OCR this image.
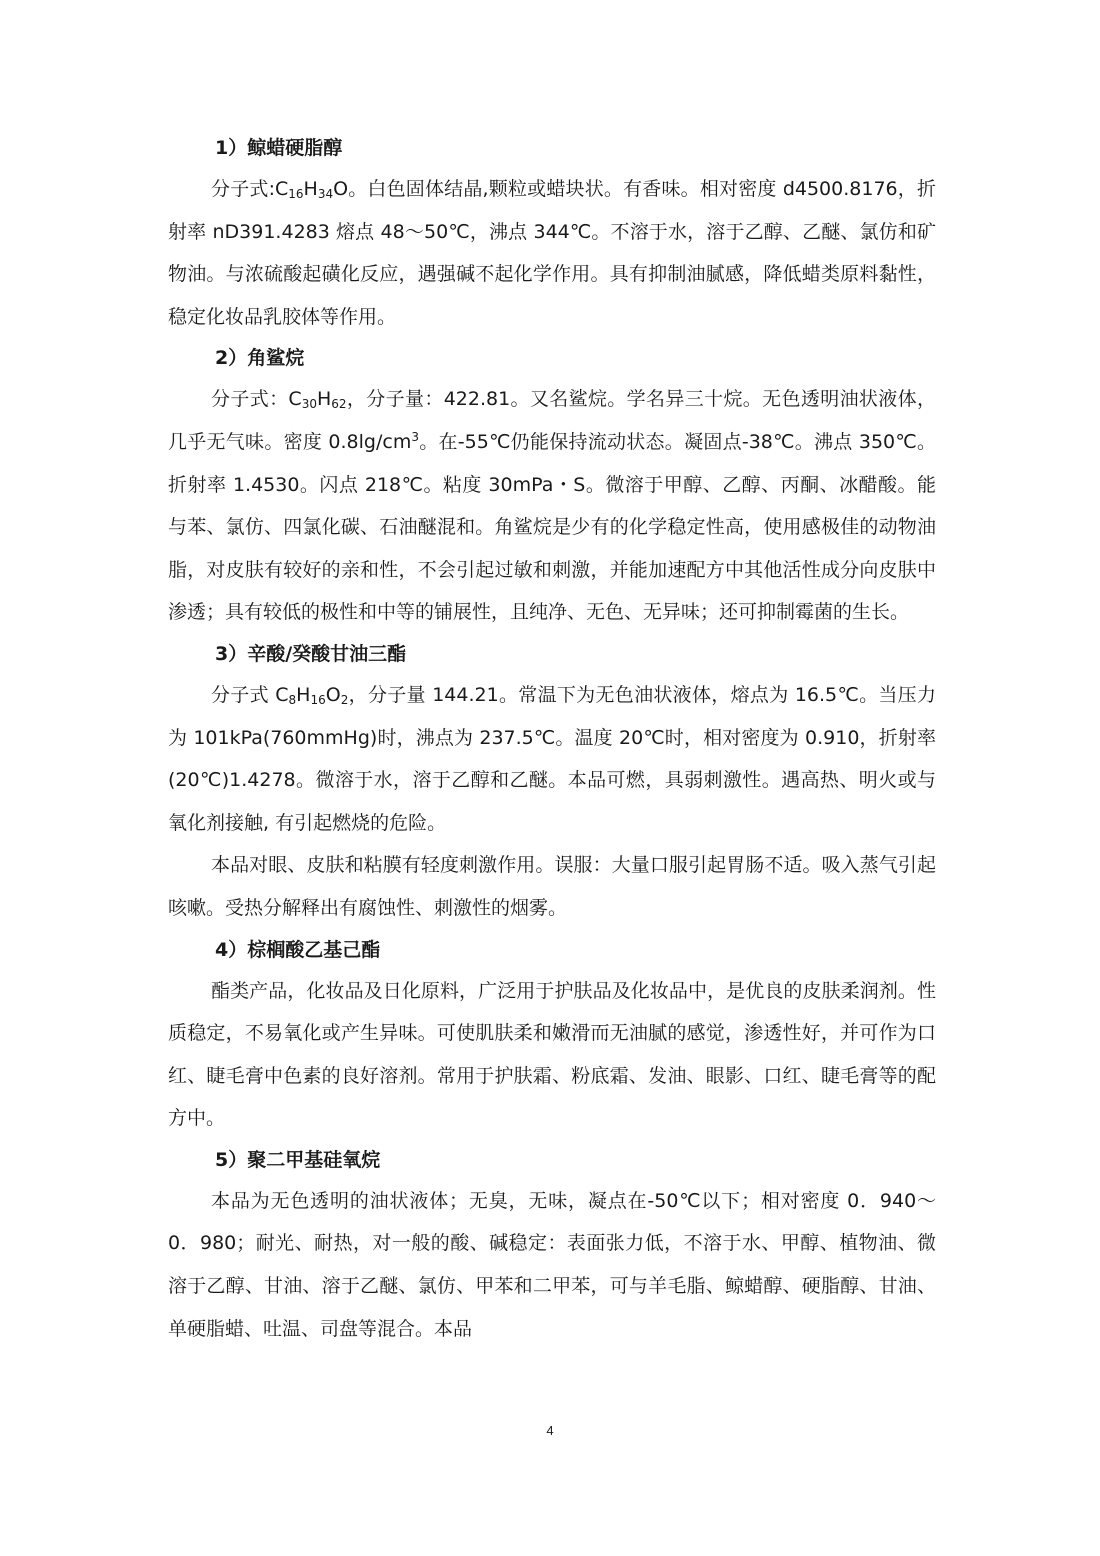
1）鲸蜡硬脂醇

分子式$:C_{16}H_{34}O$。白色固体结晶,颗粒或蜡块状。有香味。相对密度 d4500.8176，折射率 nD391.4283 熔点 48～50℃，沸点 344℃。不溶于水，溶于乙醇、乙醚、氯仿和矿物油。与浓硫酸起磺化反应，遇强碱不起化学作用。具有抑制油腻感，降低蜡类原料黏性，稳定化妆品乳胶体等作用。

2）角鲨烷

分子式：$C_{30}H_{62}$，分子量：422.81。又名鲨烷。学名异三十烷。无色透明油状液体，几乎无气味。密度 $0.8\lg/cm^3$。在-55℃仍能保持流动状态。凝固点-38℃。沸点 350℃。折射率 1.4530。闪点 218℃。粘度 30mPa・S。微溶于甲醇、乙醇、丙酮、冰醋酸。能与苯、氯仿、四氯化碳、石油醚混和。角鲨烷是少有的化学稳定性高，使用感极佳的动物油脂，对皮肤有较好的亲和性，不会引起过敏和刺激，并能加速配方中其他活性成分向皮肤中渗透；具有较低的极性和中等的铺展性，且纯净、无色、无异味；还可抑制霉菌的生长。

3）辛酸/癸酸甘油三酯

分子式 $C_8H_{16}O_2$，分子量 144.21。常温下为无色油状液体，熔点为 16.5℃。当压力为 101kPa(760mmHg)时，沸点为 237.5℃。温度 20℃时，相对密度为 0.910，折射率(20℃)1.4278。微溶于水，溶于乙醇和乙醚。本品可燃，具弱刺激性。遇高热、明火或与氧化剂接触, 有引起燃烧的危险。

本品对眼、皮肤和粘膜有轻度刺激作用。误服：大量口服引起胃肠不适。吸入蒸气引起咳嗽。受热分解释出有腐蚀性、刺激性的烟雾。

4）棕榈酸乙基己酯

酯类产品，化妆品及日化原料，广泛用于护肤品及化妆品中，是优良的皮肤柔润剂。性质稳定，不易氧化或产生异味。可使肌肤柔和嫩滑而无油腻的感觉，渗透性好，并可作为口红、睫毛膏中色素的良好溶剂。常用于护肤霜、粉底霜、发油、眼影、口红、睫毛膏等的配方中。

5）聚二甲基硅氧烷

本品为无色透明的油状液体；无臭，无味，凝点在-50℃以下；相对密度 0．940～0．980；耐光、耐热，对一般的酸、碱稳定：表面张力低，不溶于水、甲醇、植物油、微溶于乙醇、甘油、溶于乙醚、氯仿、甲苯和二甲苯，可与羊毛脂、鲸蜡醇、硬脂醇、甘油、单硬脂蜡、吐温、司盘等混合。本品

4
